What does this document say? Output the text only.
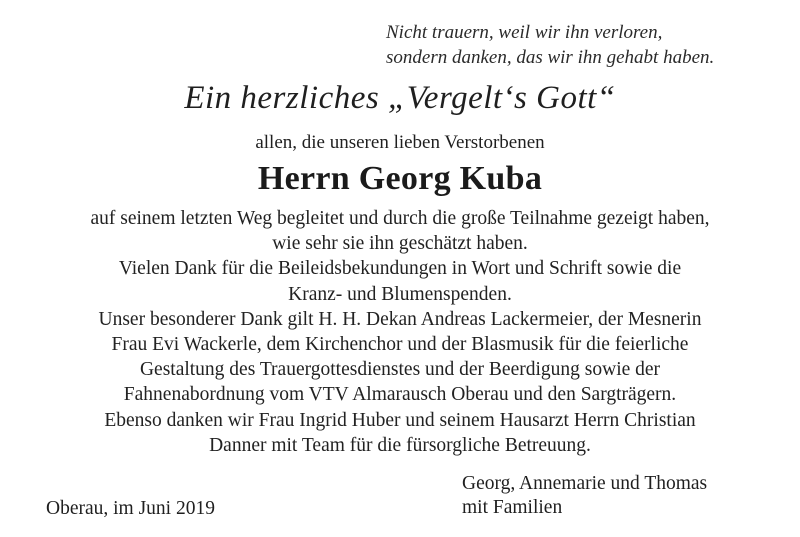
Nicht trauern, weil wir ihn verloren,
sondern danken, das wir ihn gehabt haben.
Ein herzliches „Vergelt‘s Gott“
allen, die unseren lieben Verstorbenen
Herrn Georg Kuba
auf seinem letzten Weg begleitet und durch die große Teilnahme gezeigt haben,
wie sehr sie ihn geschätzt haben.
Vielen Dank für die Beileidsbekundungen in Wort und Schrift sowie die
Kranz- und Blumenspenden.
Unser besonderer Dank gilt H. H. Dekan Andreas Lackermeier, der Mesnerin
Frau Evi Wackerle, dem Kirchenchor und der Blasmusik für die feierliche
Gestaltung des Trauergottesdienstes und der Beerdigung sowie der
Fahnenabordnung vom VTV Almarausch Oberau und den Sargträgern.
Ebenso danken wir Frau Ingrid Huber und seinem Hausarzt Herrn Christian
Danner mit Team für die fürsorgliche Betreuung.
Oberau, im Juni 2019
Georg, Annemarie und Thomas
mit Familien
